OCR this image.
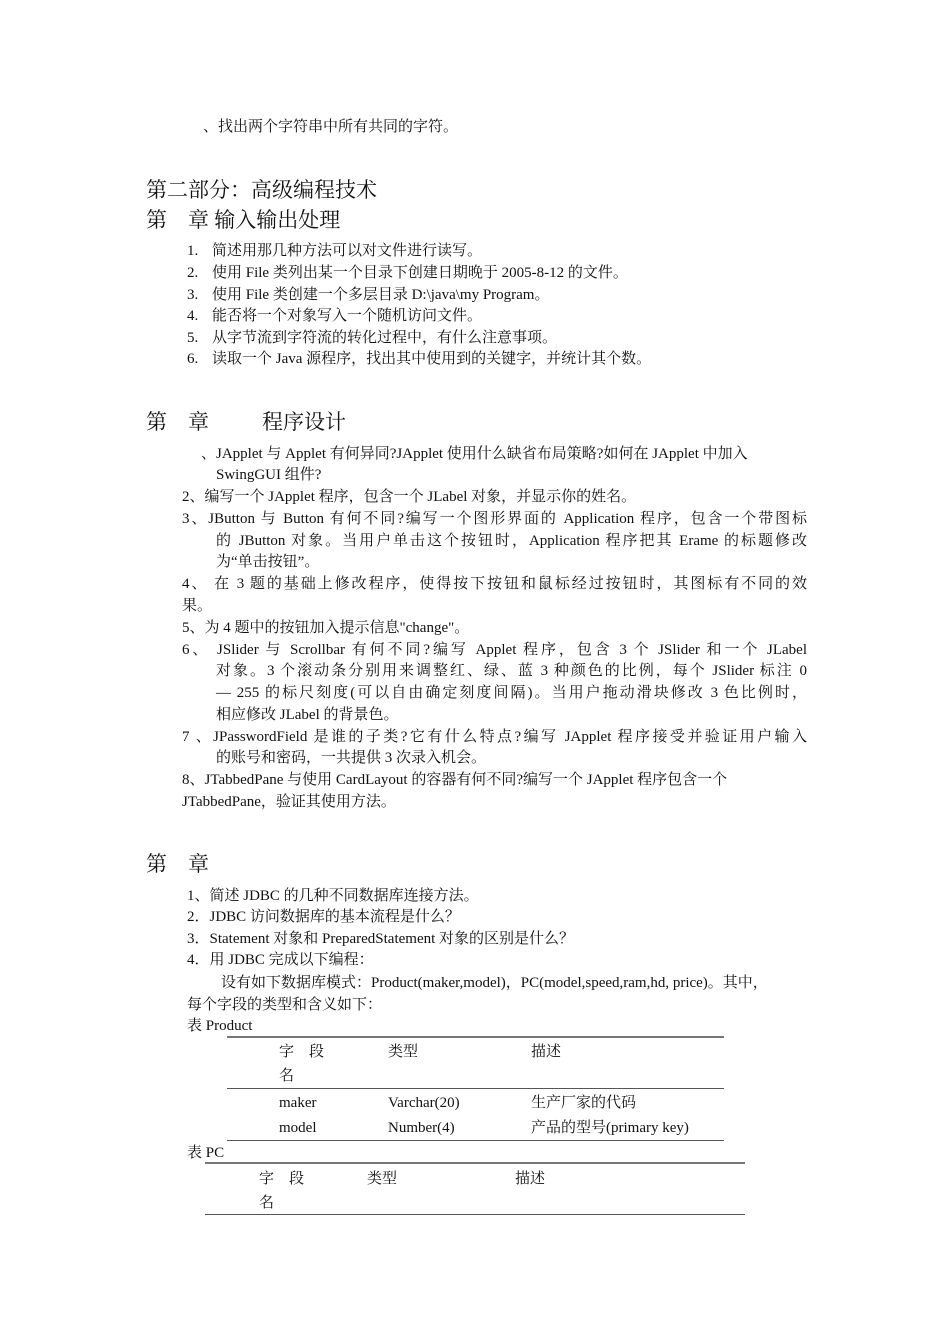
、找出两个字符串中所有共同的字符。
第二部分：高级编程技术
第　章 输入输出处理
1. 简述用那几种方法可以对文件进行读写。
2. 使用 File 类列出某一个目录下创建日期晚于 2005-8-12 的文件。
3. 使用 File 类创建一个多层目录 D:\java\my Program。
4. 能否将一个对象写入一个随机访问文件。
5. 从字节流到字符流的转化过程中，有什么注意事项。
6. 读取一个 Java 源程序，找出其中使用到的关键字，并统计其个数。
第　章	程序设计
、JApplet 与 Applet 有何异同?JApplet 使用什么缺省布局策略?如何在 JApplet 中加入
SwingGUI 组件?
2、编写一个 JApplet 程序，包含一个 JLabel 对象，并显示你的姓名。
3、JButton 与 Button 有何不同?编写一个图形界面的 Application 程序，包含一个带图标
的 JButton 对象。当用户单击这个按钮时，Application 程序把其 Erame 的标题修改
为“单击按钮”。
4、 在 3 题的基础上修改程序，使得按下按钮和鼠标经过按钮时，其图标有不同的效
果。
5、为 4 题中的按钮加入提示信息"change"。
6、 JSlider 与 Scrollbar 有何不同?编写 Applet 程序，包含 3 个 JSlider 和一个 JLabel
对象。3 个滚动条分别用来调整红、绿、蓝 3 种颜色的比例，每个 JSlider 标注 0
— 255 的标尺刻度(可以自由确定刻度间隔)。当用户拖动滑块修改 3 色比例时，
相应修改 JLabel 的背景色。
7 、JPasswordField 是谁的子类?它有什么特点?编写 JApplet 程序接受并验证用户输入
的账号和密码，一共提供 3 次录入机会。
8、JTabbedPane 与使用 CardLayout 的容器有何不同?编写一个 JApplet 程序包含一个
JTabbedPane，验证其使用方法。
第　章
1、简述 JDBC 的几种不同数据库连接方法。
2．JDBC 访问数据库的基本流程是什么？
3．Statement 对象和 PreparedStatement 对象的区别是什么？
4．用 JDBC 完成以下编程：
设有如下数据库模式：Product(maker,model)，PC(model,speed,ram,hd, price)。其中，
每个字段的类型和含义如下：
表 Product
字　段
名
类型	描述
maker	Varchar(20)	生产厂家的代码
model	Number(4)	产品的型号(primary key)
表 PC
字　段
名
类型	描述
